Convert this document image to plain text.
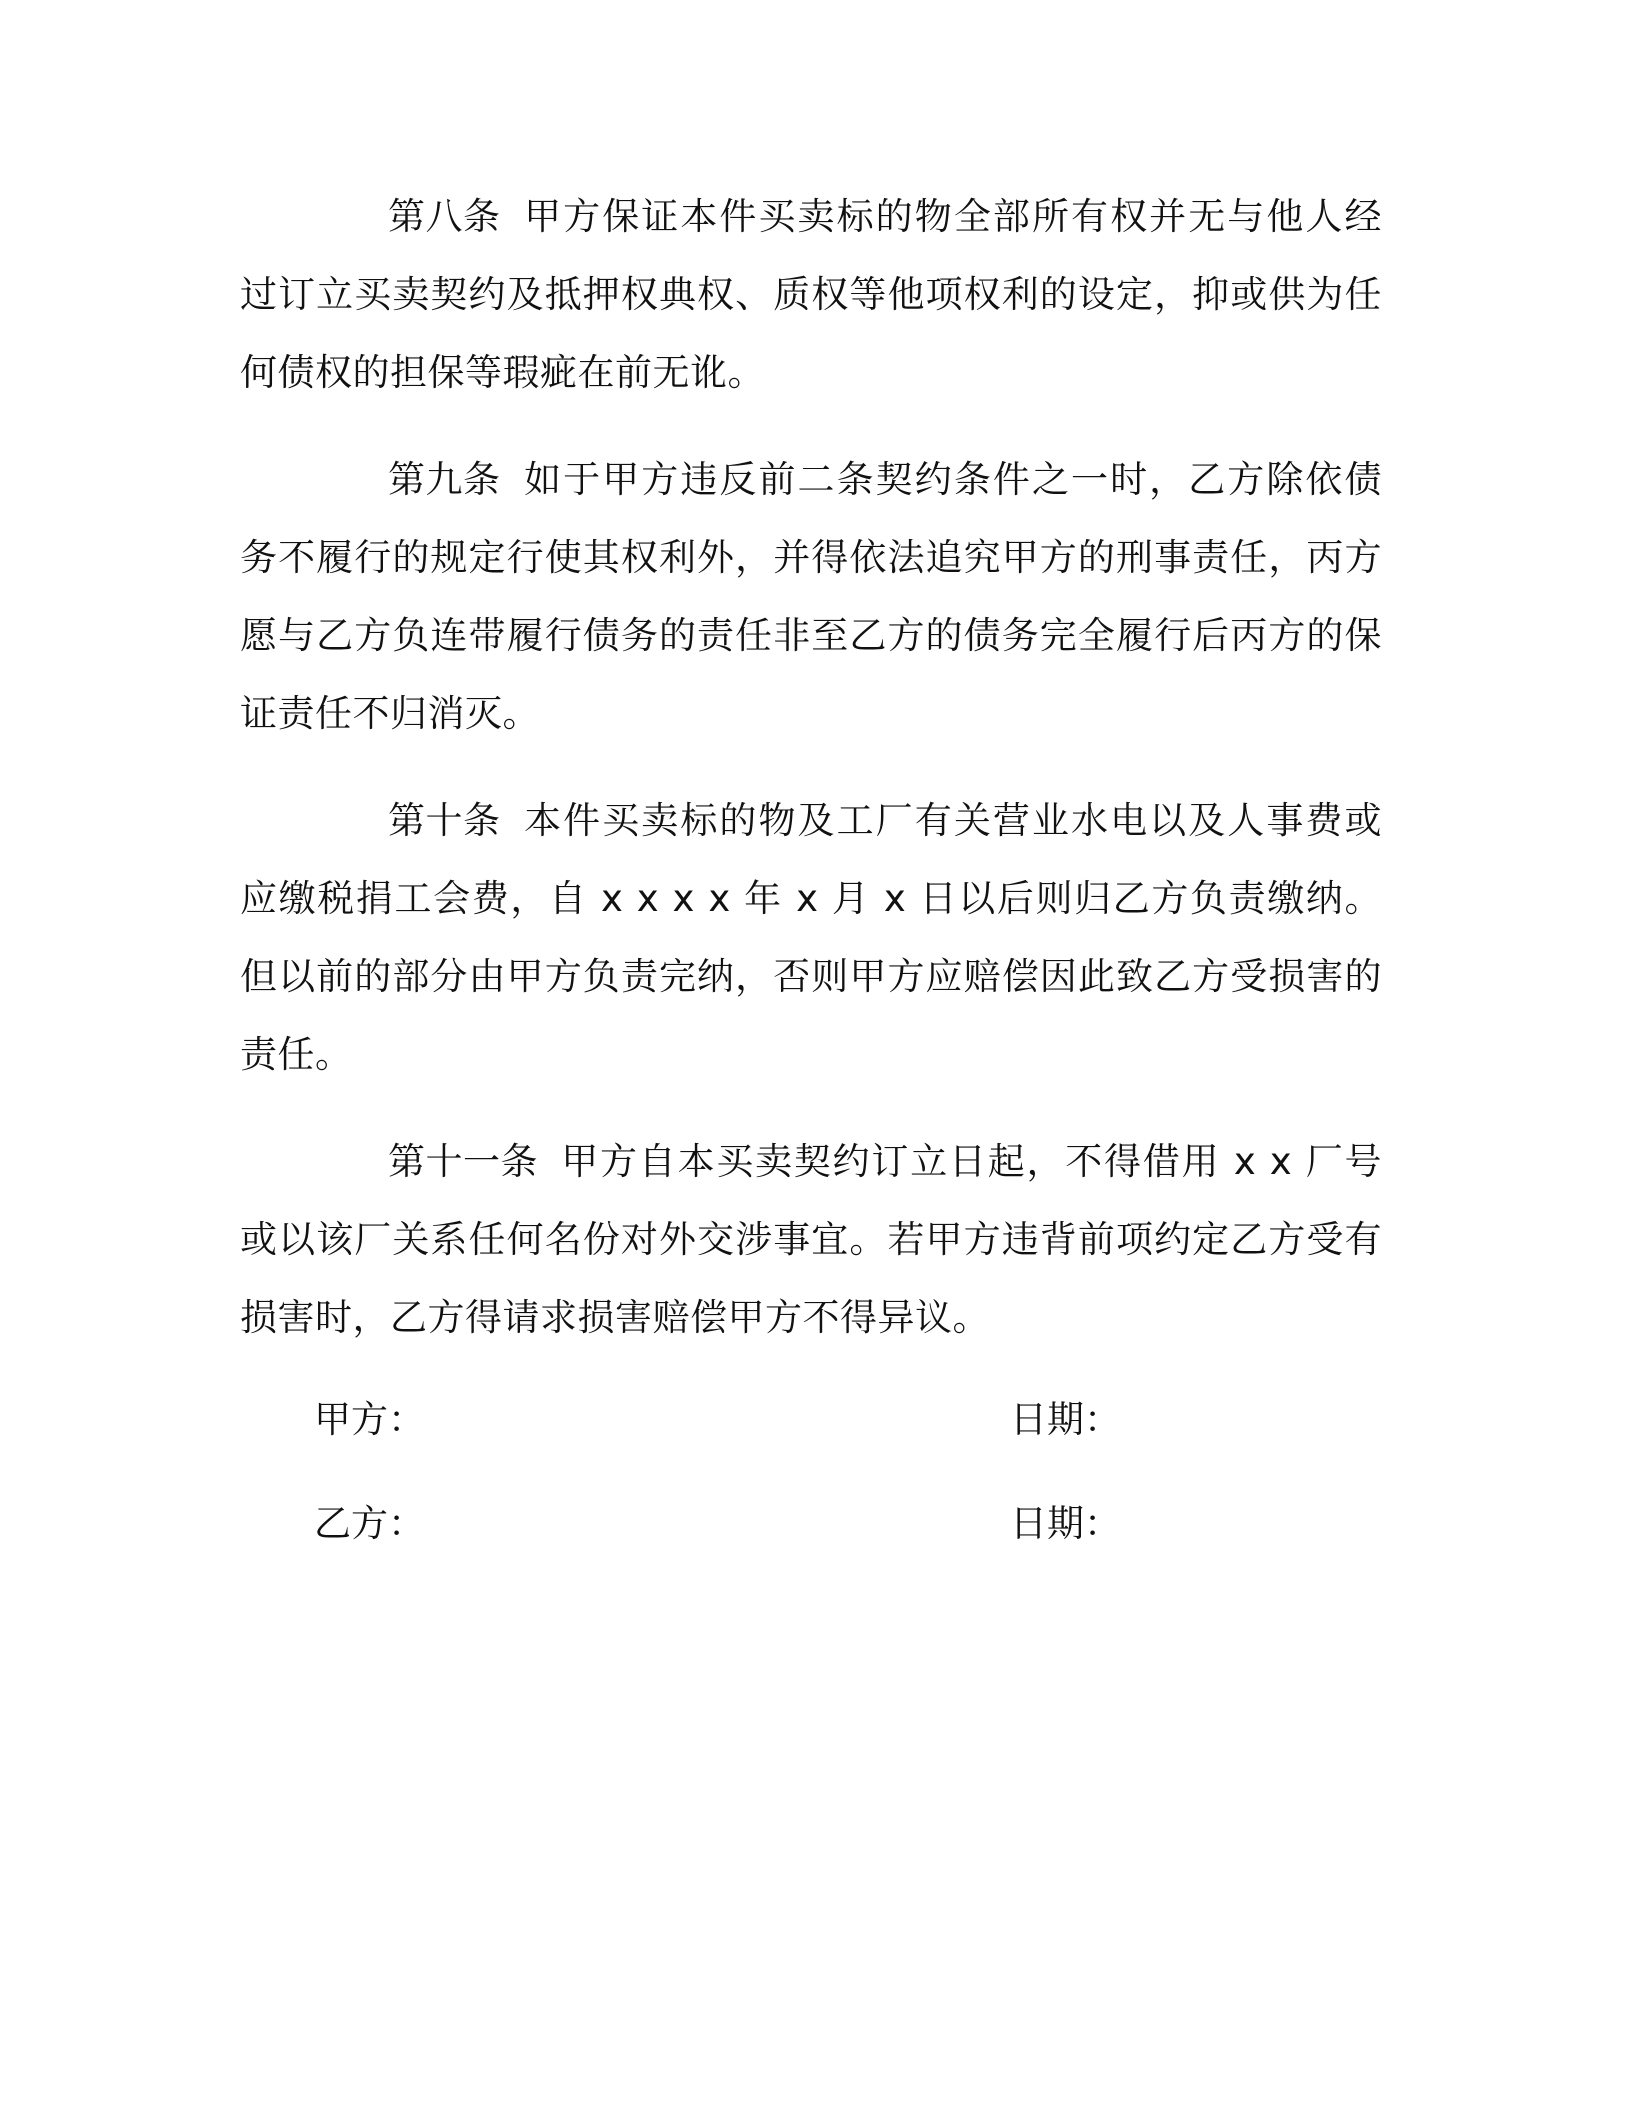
第八条 甲方保证本件买卖标的物全部所有权并无与他人经过订立买卖契约及抵押权典权、质权等他项权利的设定，抑或供为任何债权的担保等瑕疵在前无讹。

第九条 如于甲方违反前二条契约条件之一时，乙方除依债务不履行的规定行使其权利外，并得依法追究甲方的刑事责任，丙方愿与乙方负连带履行债务的责任非至乙方的债务完全履行后丙方的保证责任不归消灭。

第十条 本件买卖标的物及工厂有关营业水电以及人事费或应缴税捐工会费，自 x x x x 年 x 月 x 日以后则归乙方负责缴纳。但以前的部分由甲方负责完纳，否则甲方应赔偿因此致乙方受损害的责任。

第十一条 甲方自本买卖契约订立日起，不得借用 x x 厂号或以该厂关系任何名份对外交涉事宜。若甲方违背前项约定乙方受有损害时，乙方得请求损害赔偿甲方不得异议。

甲方：	日期：
乙方：	日期：
